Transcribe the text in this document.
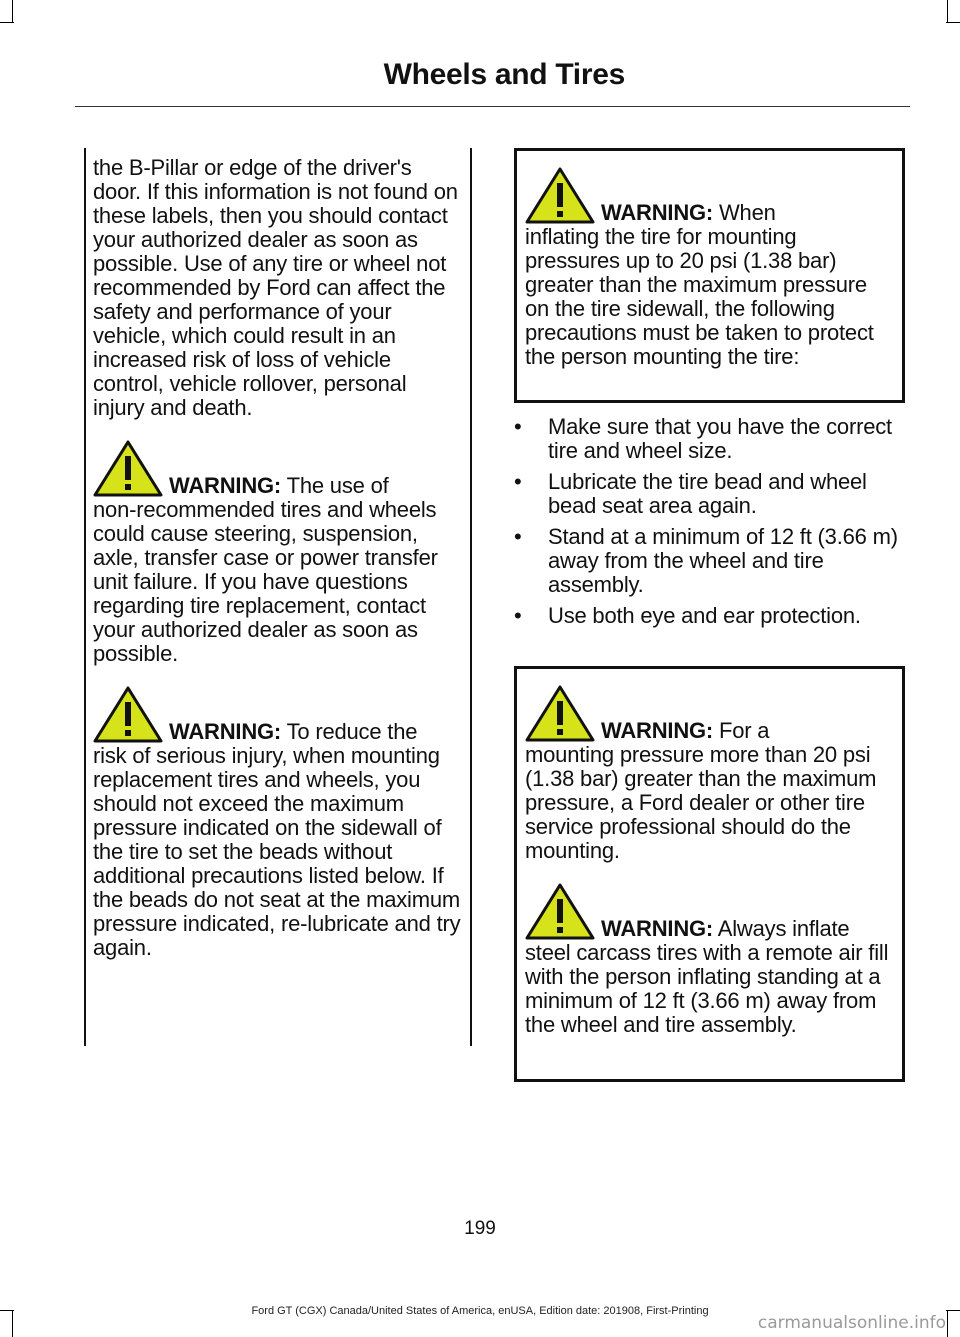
Wheels and Tires

the B-Pillar or edge of the driver's door. If this information is not found on these labels, then you should contact your authorized dealer as soon as possible. Use of any tire or wheel not recommended by Ford can affect the safety and performance of your vehicle, which could result in an increased risk of loss of vehicle control, vehicle rollover, personal injury and death.

WARNING: The use of
non-recommended tires and wheels could cause steering, suspension, axle, transfer case or power transfer unit failure. If you have questions regarding tire replacement, contact your authorized dealer as soon as possible.
WARNING: To reduce the
risk of serious injury, when mounting replacement tires and wheels, you should not exceed the maximum pressure indicated on the sidewall of the tire to set the beads without additional precautions listed below. If the beads do not seat at the maximum pressure indicated, re-lubricate and try again.
WARNING: When
inflating the tire for mounting pressures up to 20 psi (1.38 bar) greater than the maximum pressure on the tire sidewall, the following precautions must be taken to protect the person mounting the tire:
•	Make sure that you have the correct tire and wheel size.
•	Lubricate the tire bead and wheel bead seat area again.
•	Stand at a minimum of 12 ft (3.66 m) away from the wheel and tire assembly.
•	Use both eye and ear protection.
WARNING: For a
mounting pressure more than 20 psi (1.38 bar) greater than the maximum pressure, a Ford dealer or other tire service professional should do the mounting.
WARNING: Always inflate
steel carcass tires with a remote air fill with the person inflating standing at a minimum of 12 ft (3.66 m) away from the wheel and tire assembly.
199
Ford GT (CGX) Canada/United States of America, enUSA, Edition date: 201908, First-Printing
carmanualsonline.info
